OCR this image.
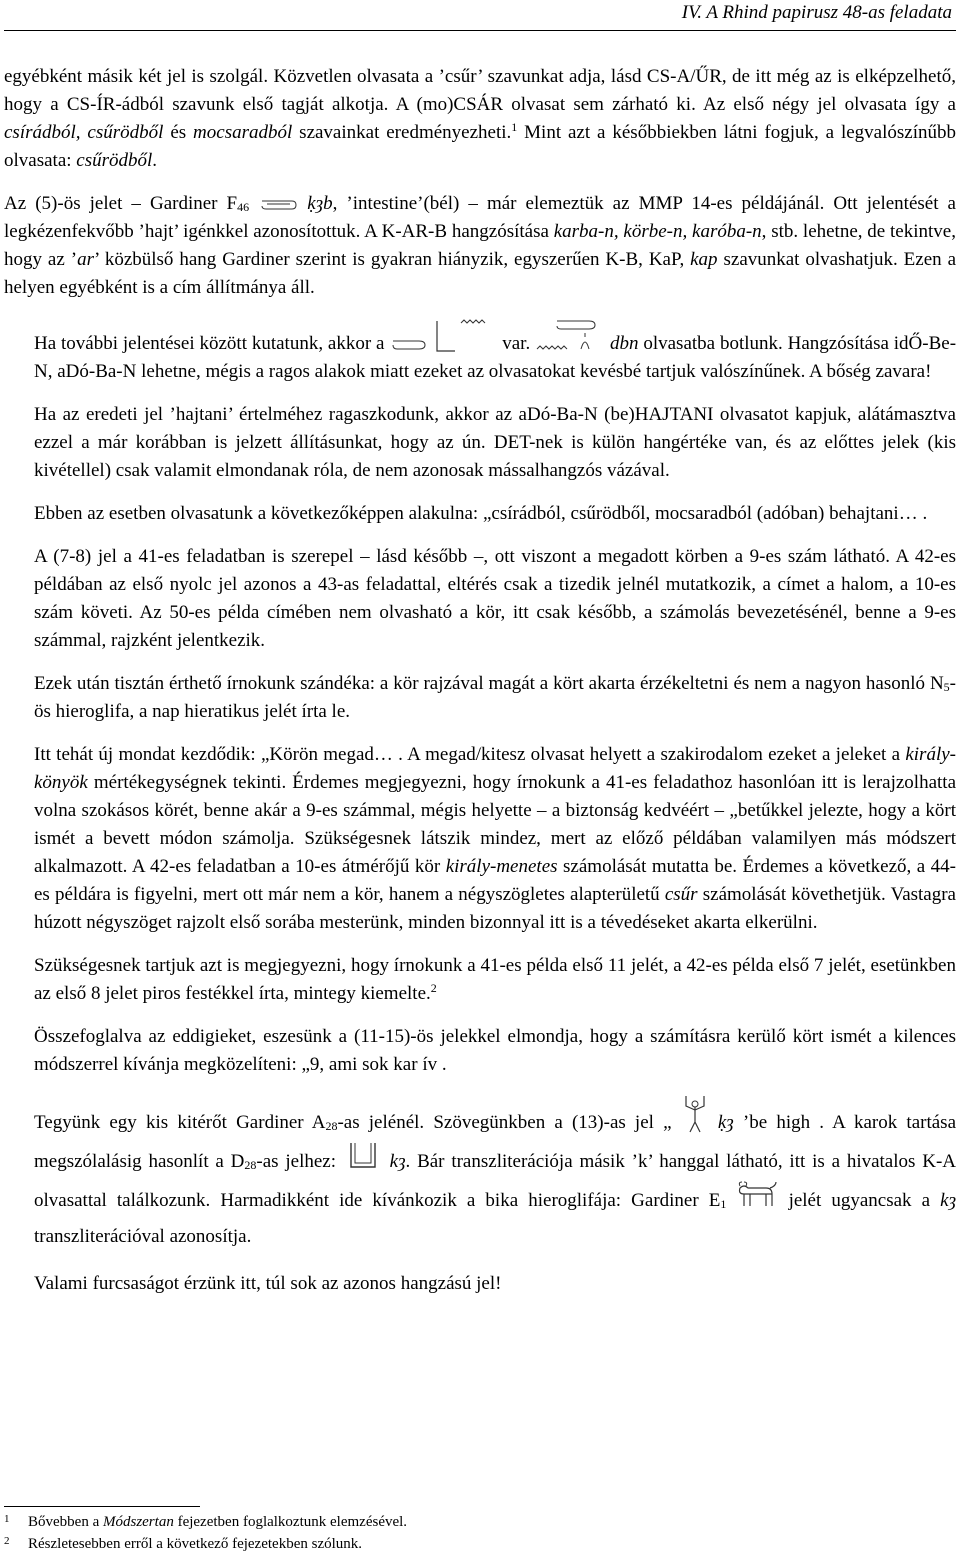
IV. A Rhind papirusz 48-as feladata

egyébként másik két jel is szolgál. Közvetlen olvasata a ’csűr’ szavunkat adja, lásd CS-A/ŰR, de itt még az is elképzelhető, hogy a CS-ÍR-ádból szavunk első tagját alkotja. A (mo)CSÁR olvasat sem zárható ki. Az első négy jel olvasata így a csírádból, csűrödből és mocsaradból szavainkat eredményezheti.$^1$ Mint azt a későbbiekben látni fogjuk, a legvalószínűbb olvasata: csűrödből.

Az (5)-ös jelet – Gardiner $F_{46}$	ḳȝb, ’intestine’(bél) – már elemeztük az MMP 14-es példájánál. Ott jelentését a legkézenfekvőbb ’hajt’ igénkkel azonosítottuk. A K-AR-B hangzósítása karba-n, körbe-n, karóba-n, stb. lehetne, de tekintve, hogy az ’ar’ közbülső hang Gardiner szerint is gyakran hiányzik, egyszerűen K-B, KaP, kap szavunkat olvashatjuk. Ezen a helyen egyébként is a cím állítmánya áll.

Ha további jelentései között kutatunk, akkor a	var.	dbn olvasatba botlunk. Hangzósítása idŐ-Be-N, aDó-Ba-N lehetne, mégis a ragos alakok miatt ezeket az olvasatokat kevésbé tartjuk valószínűnek. A bőség zavara!

Ha az eredeti jel ’hajtani’ értelméhez ragaszkodunk, akkor az aDó-Ba-N (be)HAJTANI olvasatot kapjuk, alátámasztva ezzel a már korábban is jelzett állításunkat, hogy az ún. DET-nek is külön hangértéke van, és az előttes jelek (kis kivétellel) csak valamit elmondanak róla, de nem azonosak mássalhangzós vázával.

Ebben az esetben olvasatunk a következőképpen alakulna: „csírádból, csűrödből, mocsaradból (adóban) behajtani… .

A (7-8) jel a 41-es feladatban is szerepel – lásd később –, ott viszont a megadott körben a 9-es szám látható. A 42-es példában az első nyolc jel azonos a 43-as feladattal, eltérés csak a tizedik jelnél mutatkozik, a címet a halom, a 10-es szám követi. Az 50-es példa címében nem olvasható a kör, itt csak később, a számolás bevezetésénél, benne a 9-es számmal, rajzként jelentkezik.

Ezek után tisztán érthető írnokunk szándéka: a kör rajzával magát a kört akarta érzékeltetni és nem a nagyon hasonló $N_5-ös$ hieroglifa, a nap hieratikus jelét írta le.

Itt tehát új mondat kezdődik: „Körön megad… . A megad/kitesz olvasat helyett a szakirodalom ezeket a jeleket a király-könyök mértékegységnek tekinti. Érdemes megjegyezni, hogy írnokunk a 41-es feladathoz hasonlóan itt is lerajzolhatta volna szokásos körét, benne akár a 9-es számmal, mégis helyette – a biztonság kedvéért – „betűkkel jelezte, hogy a kört ismét a bevett módon számolja. Szükségesnek látszik mindez, mert az előző példában valamilyen más módszert alkalmazott. A 42-es feladatban a 10-es átmérőjű kör király-menetes számolását mutatta be. Érdemes a következő, a 44-es példára is figyelni, mert ott már nem a kör, hanem a négyszögletes alapterületű csűr számolását követhetjük. Vastagra húzott négyszöget rajzolt első sorába mesterünk, minden bizonnyal itt is a tévedéseket akarta elkerülni.

Szükségesnek tartjuk azt is megjegyezni, hogy írnokunk a 41-es példa első 11 jelét, a 42-es példa első 7 jelét, esetünkben az első 8 jelet piros festékkel írta, mintegy kiemelte.$^2$

Összefoglalva az eddigieket, eszesünk a (11-15)-ös jelekkel elmondja, hogy a számításra kerülő kört ismét a kilences módszerrel kívánja megközelíteni: „9, ami sok kar ív .

Tegyünk egy kis kitérőt Gardiner $A_{28}-as$ jelénél. Szövegünkben a (13)-as jel „ ḳȝ ’be high . A karok tartása megszólalásig hasonlít a $D_{28}-as$ jelhez:	kȝ. Bár transzliterációja másik ’k’ hanggal látható, itt is a hivatalos K-A olvasattal találkozunk. Harmadikként ide kívánkozik a bika hieroglifája: Gardiner $E_1$	jelét ugyancsak a kȝ transzliterációval azonosítja.

Valami furcsaságot érzünk itt, túl sok az azonos hangzású jel!

1	Bővebben a Módszertan fejezetben foglalkoztunk elemzésével.
2	Részletesebben erről a következő fejezetekben szólunk.
